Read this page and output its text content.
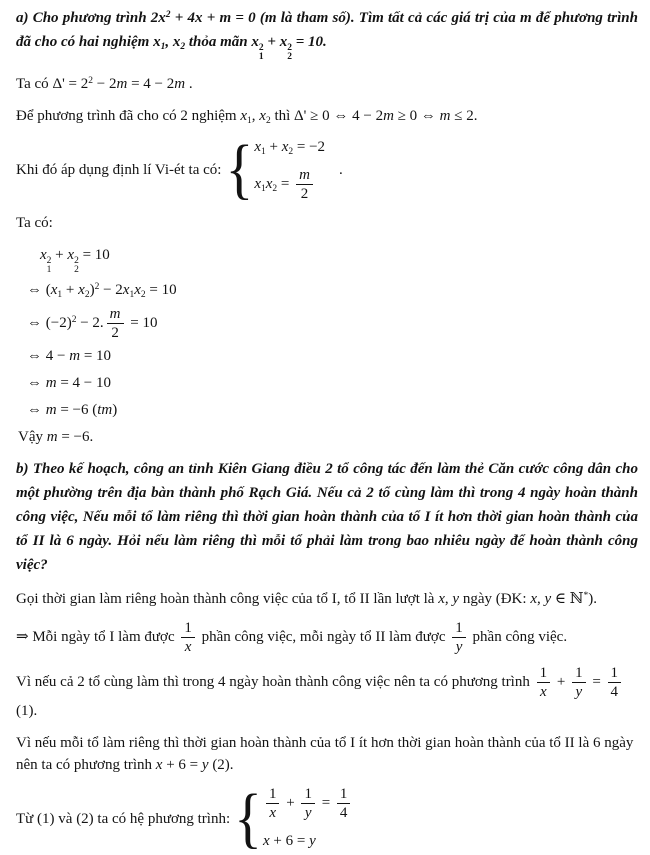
a) Cho phương trình 2x2 + 4x + m = 0 (m là tham số). Tìm tất cả các giá trị của m để phương trình đã cho có hai nghiệm x1, x2 thỏa mãn x 2
1
+ x 2
2
= 10.
Ta có Δ' = 22 − 2m = 4 − 2m .
Để phương trình đã cho có 2 nghiệm x1, x2 thì Δ' ≥ 0 ⇔ 4 − 2m ≥ 0 ⇔ m ≤ 2.
Khi đó áp dụng định lí Vi-ét ta có: { x1 + x2 = −2
$x1x2 = \frac{m}{2}$ .
Ta có:
x 2
1
+ x 2
2
= 10
⇔ (x1 + x2)2 − 2x1x2 = 10
⇔ (−2)2 − 2. $\frac{m}{2} = 10$
⇔ 4 − m = 10
⇔ m = 4 − 10
⇔ m = −6 (tm)
Vậy m = −6.
b) Theo kế hoạch, công an tỉnh Kiên Giang điều 2 tổ công tác đến làm thẻ Căn cước công dân cho một phường trên địa bàn thành phố Rạch Giá. Nếu cả 2 tổ cùng làm thì trong 4 ngày hoàn thành công việc, Nếu mỗi tổ làm riêng thì thời gian hoàn thành của tổ I ít hơn thời gian hoàn thành của tổ II là 6 ngày. Hỏi nếu làm riêng thì mỗi tổ phải làm trong bao nhiêu ngày để hoàn thành công việc?
Gọi thời gian làm riêng hoàn thành công việc của tổ I, tổ II lần lượt là x, y ngày (ĐK: x, y ∈ ℕ*).
⇒ Mỗi ngày tổ I làm được $\frac{1}{x}$ phần công việc, mỗi ngày tổ II làm được $\frac{1}{y}$ phần công việc.
Vì nếu cả 2 tổ cùng làm thì trong 4 ngày hoàn thành công việc nên ta có phương trình $\frac{1}{x} + \frac{1}{y} = \frac{1}{4}$
(1).
Vì nếu mỗi tổ làm riêng thì thời gian hoàn thành của tổ I ít hơn thời gian hoàn thành của tổ II là 6 ngày nên ta có phương trình x + 6 = y (2).
Từ (1) và (2) ta có hệ phương trình: { $\frac{1}{x} + \frac{1}{y} = \frac{1}{4}$
x + 6 = y
